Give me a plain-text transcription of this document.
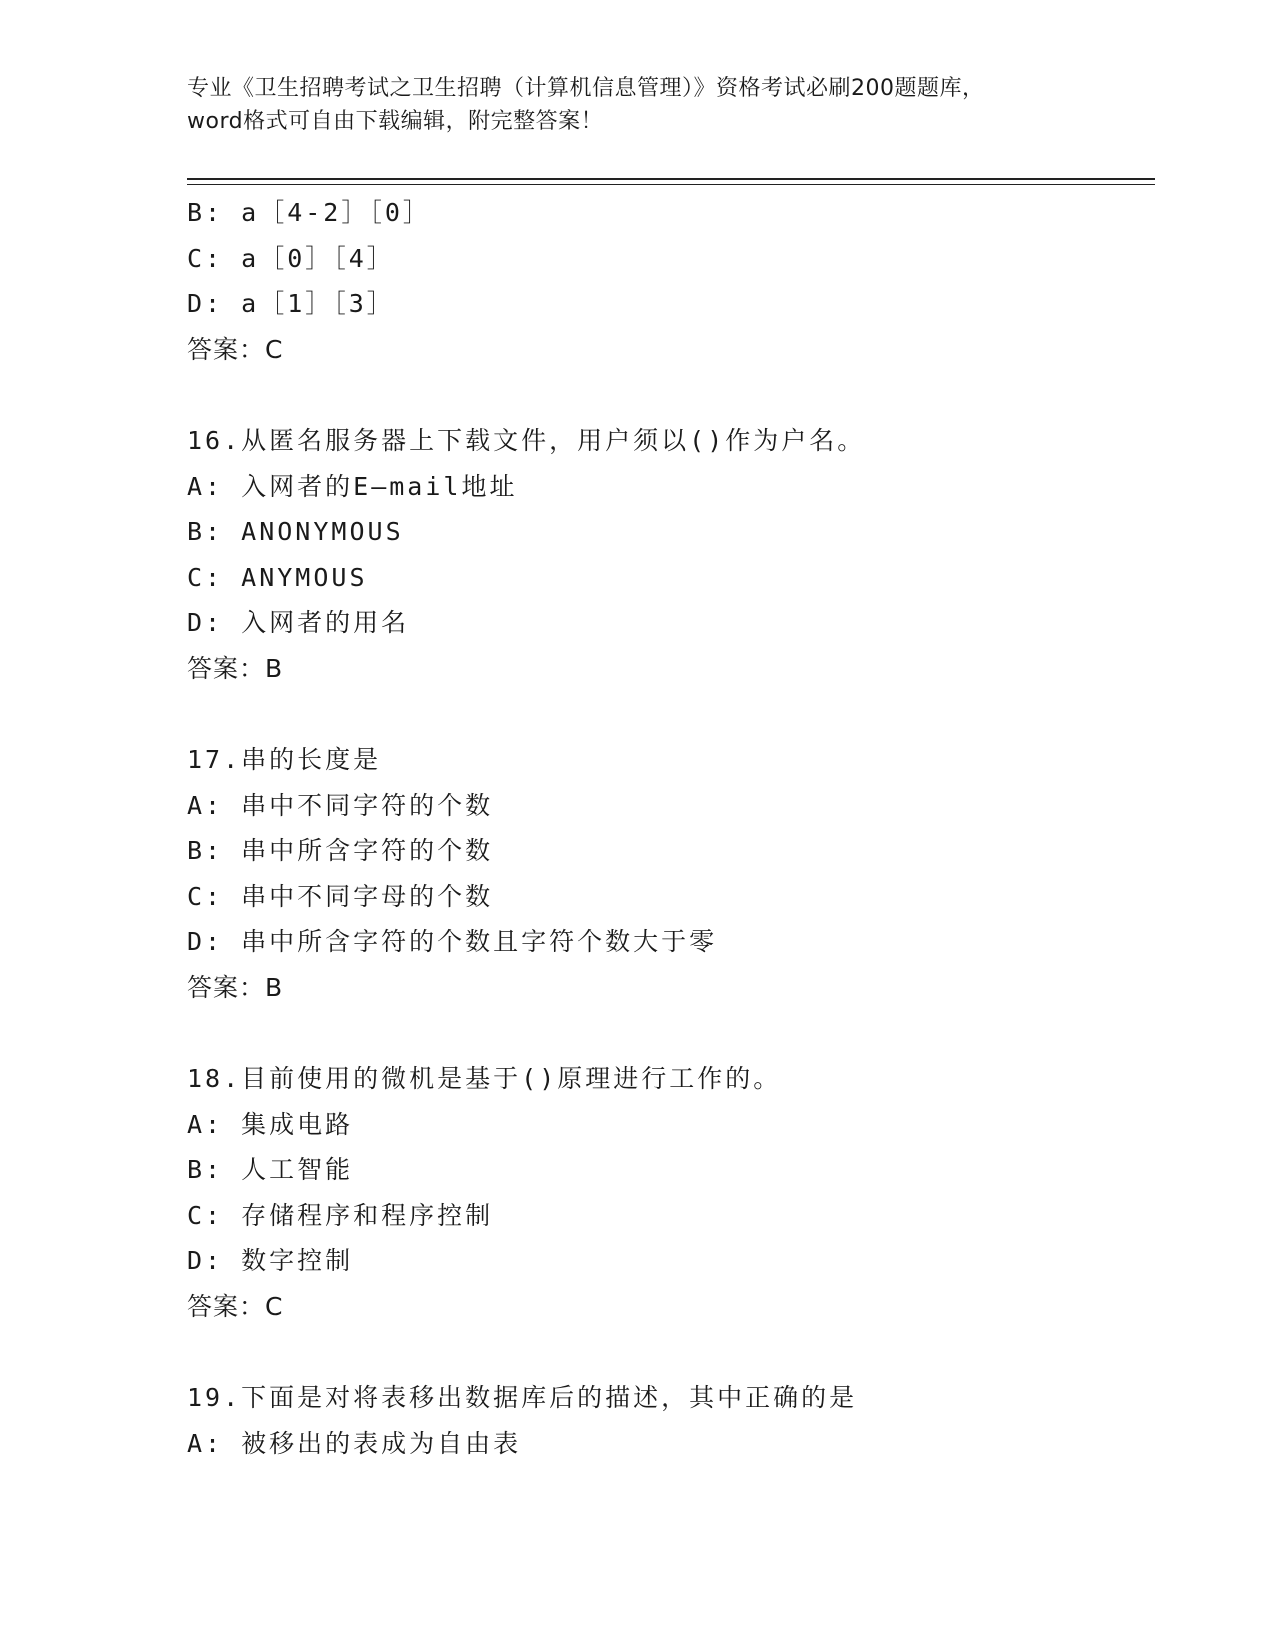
专业《卫生招聘考试之卫生招聘（计算机信息管理）》资格考试必刷200题题库，
word格式可自由下载编辑，附完整答案！
B: a［4-2］［0］
C: a［0］［4］
D: a［1］［3］
答案：C
16.从匿名服务器上下载文件，用户须以()作为户名。
A: 入网者的E—mail地址
B: ANONYMOUS
C: ANYMOUS
D: 入网者的用名
答案：B
17.串的长度是
A: 串中不同字符的个数
B: 串中所含字符的个数
C: 串中不同字母的个数
D: 串中所含字符的个数且字符个数大于零
答案：B
18.目前使用的微机是基于()原理进行工作的。
A: 集成电路
B: 人工智能
C: 存储程序和程序控制
D: 数字控制
答案：C
19.下面是对将表移出数据库后的描述，其中正确的是
A: 被移出的表成为自由表
